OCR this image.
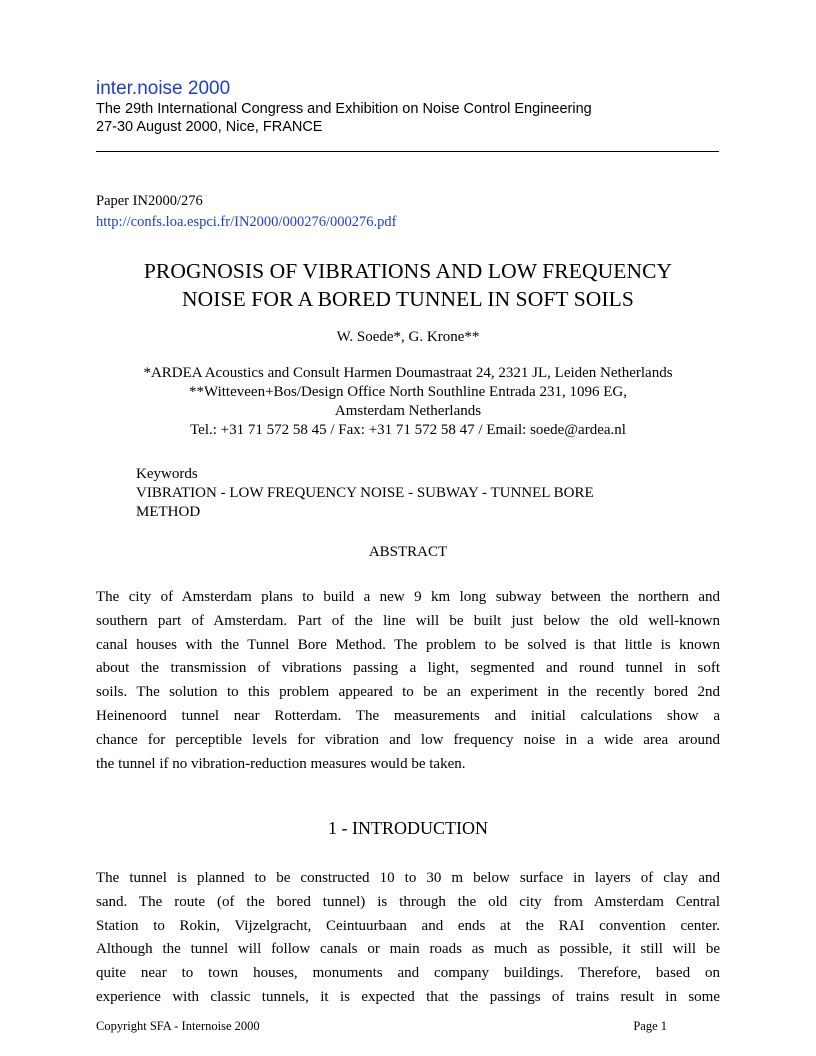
inter.noise 2000
The 29th International Congress and Exhibition on Noise Control Engineering
27-30 August 2000, Nice, FRANCE
Paper IN2000/276
http://confs.loa.espci.fr/IN2000/000276/000276.pdf
PROGNOSIS OF VIBRATIONS AND LOW FREQUENCY
NOISE FOR A BORED TUNNEL IN SOFT SOILS
W. Soede*, G. Krone**
*ARDEA Acoustics and Consult Harmen Doumastraat 24, 2321 JL, Leiden Netherlands
**Witteveen+Bos/Design Office North Southline Entrada 231, 1096 EG,
Amsterdam Netherlands
Tel.: +31 71 572 58 45 / Fax: +31 71 572 58 47 / Email: soede@ardea.nl
Keywords
VIBRATION - LOW FREQUENCY NOISE - SUBWAY - TUNNEL BORE
METHOD
ABSTRACT
The city of Amsterdam plans to build a new 9 km long subway between the northern and
southern part of Amsterdam. Part of the line will be built just below the old well-known
canal houses with the Tunnel Bore Method. The problem to be solved is that little is known
about the transmission of vibrations passing a light, segmented and round tunnel in soft
soils. The solution to this problem appeared to be an experiment in the recently bored 2nd
Heinenoord tunnel near Rotterdam. The measurements and initial calculations show a
chance for perceptible levels for vibration and low frequency noise in a wide area around
the tunnel if no vibration-reduction measures would be taken.
1 - INTRODUCTION
The tunnel is planned to be constructed 10 to 30 m below surface in layers of clay and
sand. The route (of the bored tunnel) is through the old city from Amsterdam Central
Station to Rokin, Vijzelgracht, Ceintuurbaan and ends at the RAI convention center.
Although the tunnel will follow canals or main roads as much as possible, it still will be
quite near to town houses, monuments and company buildings. Therefore, based on
experience with classic tunnels, it is expected that the passings of trains result in some
Copyright SFA - Internoise 2000	Page 1
